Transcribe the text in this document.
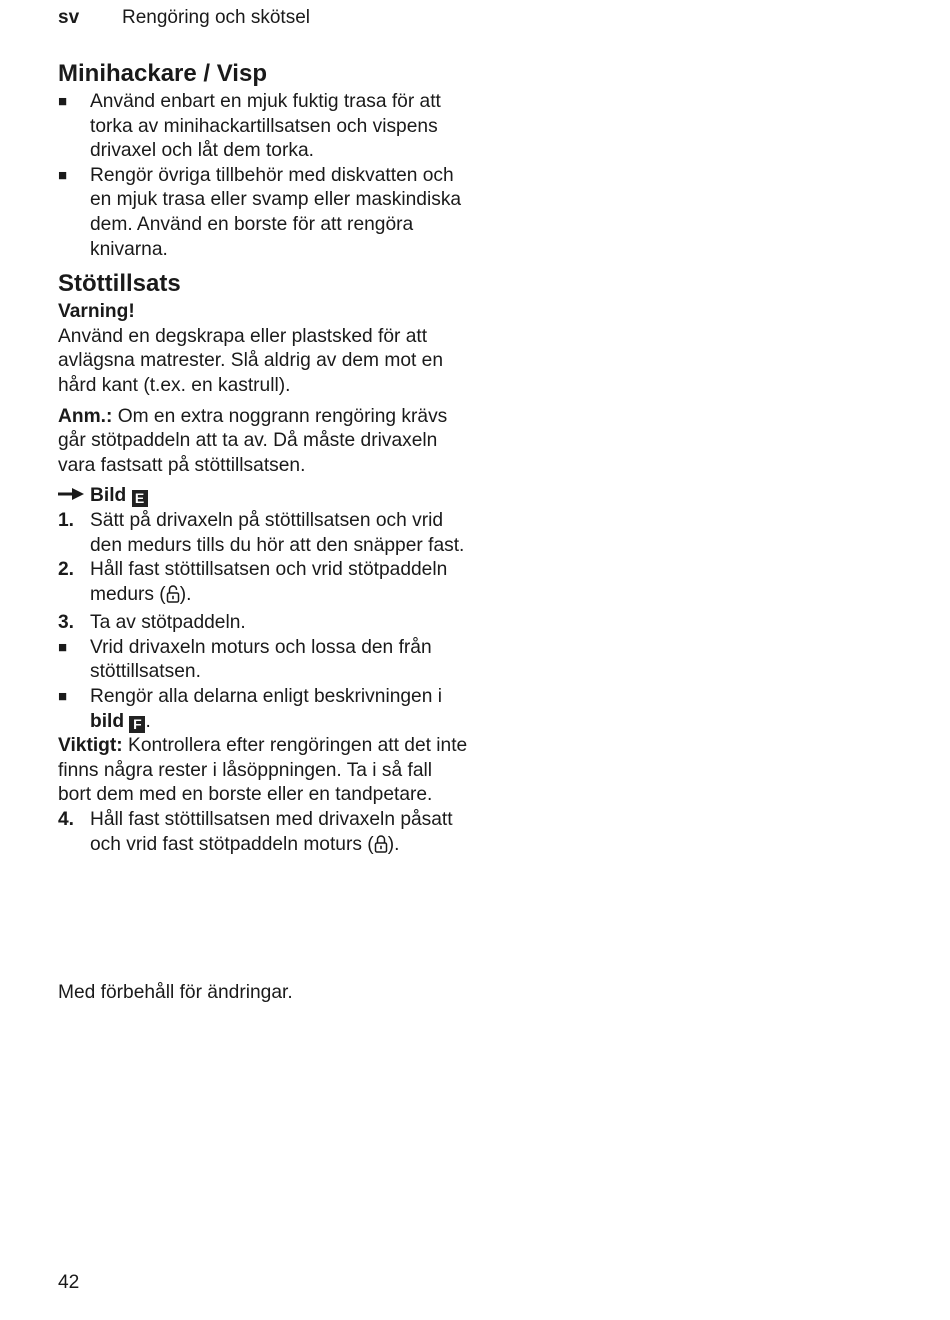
sv Rengöring och skötsel
Minihackare / Visp
■	Använd enbart en mjuk fuktig trasa för att torka av minihackartillsatsen och vispens drivaxel och låt dem torka.
■	Rengör övriga tillbehör med diskvatten och en mjuk trasa eller svamp eller maskindiska dem. Använd en borste för att rengöra knivarna.
Stöttillsats

Varning!

Använd en degskrapa eller plastsked för att avlägsna matrester. Slå aldrig av dem mot en hård kant (t.ex. en kastrull).

Anm.: Om en extra noggrann rengöring krävs går stötpaddeln att ta av. Då måste drivaxeln vara fastsatt på stöttillsatsen.

Bild E
1. Sätt på drivaxeln på stöttillsatsen och vrid den medurs tills du hör att den snäpper fast.
2. Håll fast stöttillsatsen och vrid stötpaddeln medurs ( ).
3. Ta av stötpaddeln.
■	Vrid drivaxeln moturs och lossa den från stöttillsatsen.
■	Rengör alla delarna enligt beskrivningen i bild F .

Viktigt: Kontrollera efter rengöringen att det inte finns några rester i låsöppningen. Ta i så fall bort dem med en borste eller en tandpetare.

4. Håll fast stöttillsatsen med drivaxeln påsatt och vrid fast stötpaddeln moturs ( ).
Med förbehåll för ändringar.
42
